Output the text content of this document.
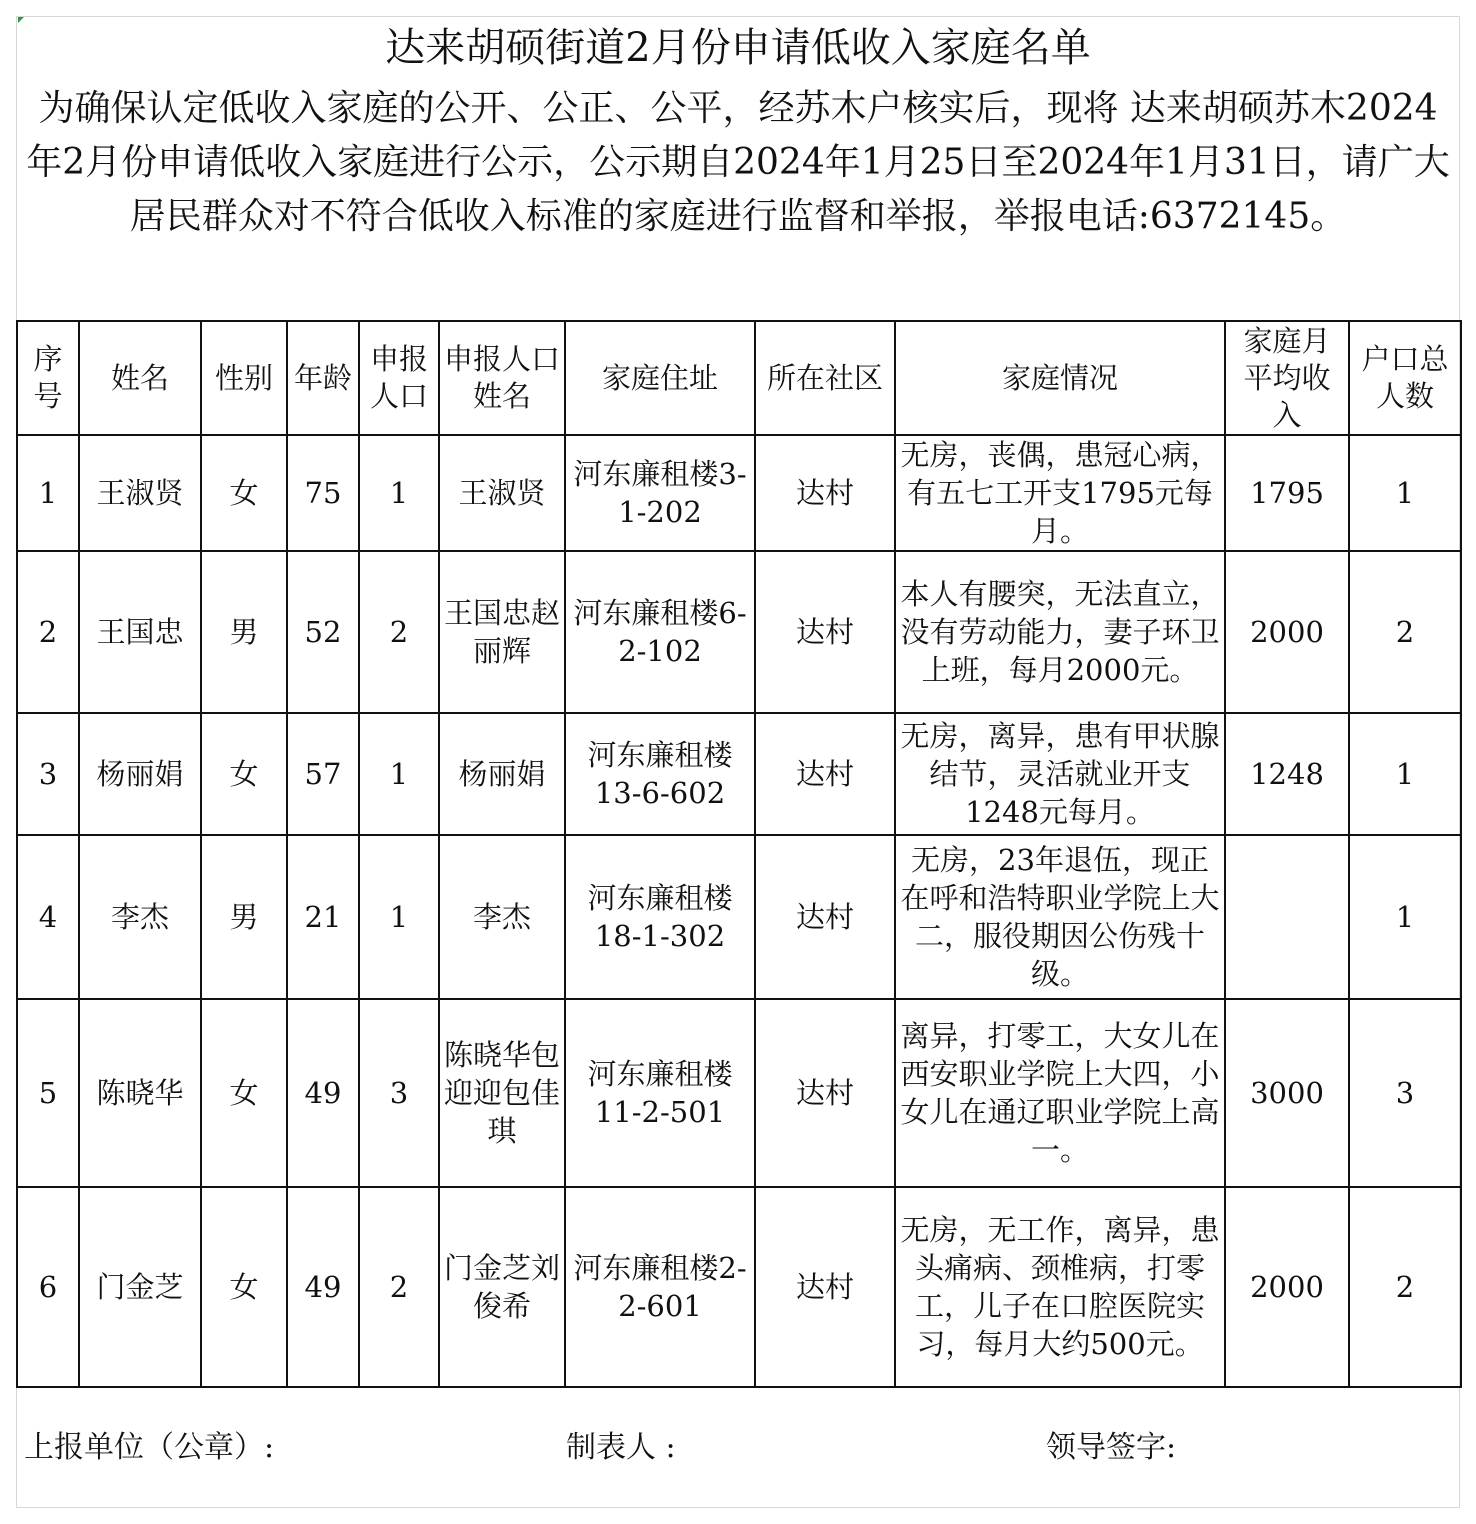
达来胡硕街道2月份申请低收入家庭名单
为确保认定低收入家庭的公开、公正、公平，经苏木户核实后，现将 达来胡硕苏木2024年2月份申请低收入家庭进行公示，公示期自2024年1月25日至2024年1月31日，请广大居民群众对不符合低收入标准的家庭进行监督和举报，举报电话:6372145。
序号	姓名	性别	年龄	申报人口	申报人口姓名	家庭住址	所在社区	家庭情况	家庭月平均收入	户口总人数
1	王淑贤	女	75	1	王淑贤	河东廉租楼3-1-202	达村	无房，丧偶，患冠心病，有五七工开支1795元每月。	1795	1
2	王国忠	男	52	2	王国忠赵丽辉	河东廉租楼6-2-102	达村	本人有腰突，无法直立，没有劳动能力，妻子环卫上班，每月2000元。	2000	2
3	杨丽娟	女	57	1	杨丽娟	河东廉租楼13-6-602	达村	无房，离异，患有甲状腺结节，灵活就业开支1248元每月。	1248	1
4	李杰	男	21	1	李杰	河东廉租楼18-1-302	达村	无房，23年退伍，现正在呼和浩特职业学院上大二，服役期因公伤残十级。		1
5	陈晓华	女	49	3	陈晓华包迎迎包佳琪	河东廉租楼11-2-501	达村	离异，打零工，大女儿在西安职业学院上大四，小女儿在通辽职业学院上高一。	3000	3
6	门金芝	女	49	2	门金芝刘俊希	河东廉租楼2-2-601	达村	无房，无工作，离异，患头痛病、颈椎病，打零工，儿子在口腔医院实习，每月大约500元。	2000	2
上报单位（公章）:	制表人 :	领导签字:
